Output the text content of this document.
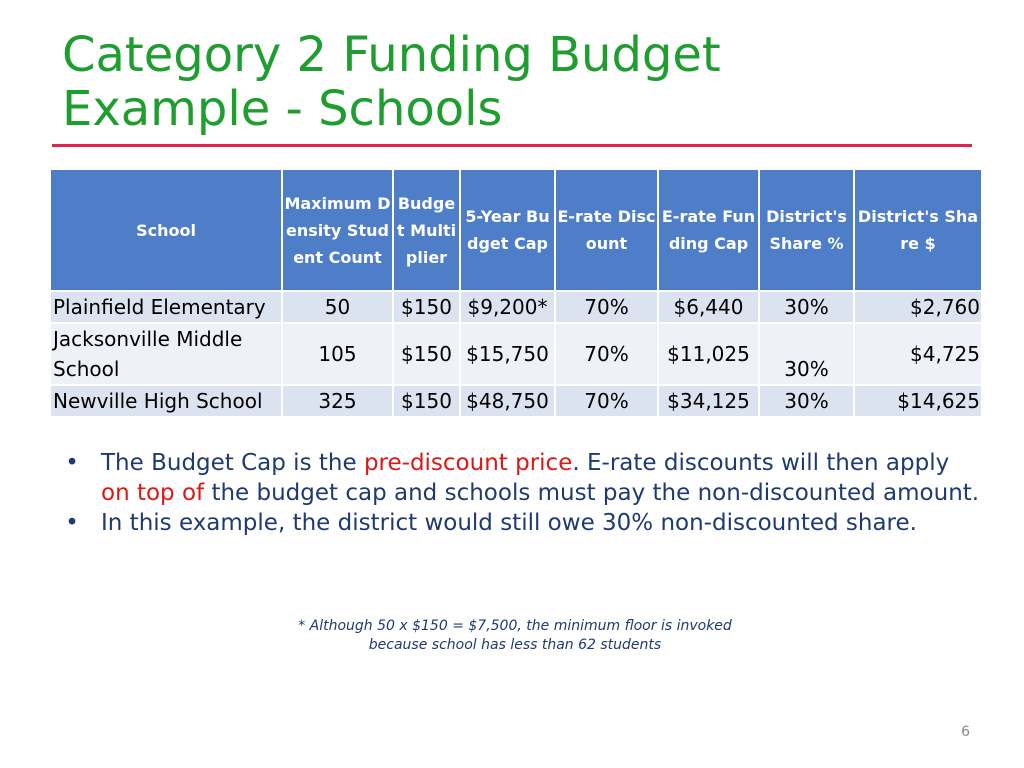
Category 2 Funding Budget
Example - Schools
School	Maximum Density Student Count	Budget Multiplier	5-Year Budget Cap	E-rate Discount	E-rate Funding Cap	District's Share %	District's Share $
Plainfield Elementary	50	$150	$9,200*	70%	$6,440	30%	$2,760
Jacksonville Middle School	105	$150	$15,750	70%	$11,025	30%	$4,725
Newville High School	325	$150	$48,750	70%	$34,125	30%	$14,625
• The Budget Cap is the pre-discount price. E-rate discounts will then apply on top of the budget cap and schools must pay the non-discounted amount.
• In this example, the district would still owe 30% non-discounted share.
* Although 50 x $150 = $7,500, the minimum floor is invoked
because school has less than 62 students
6
